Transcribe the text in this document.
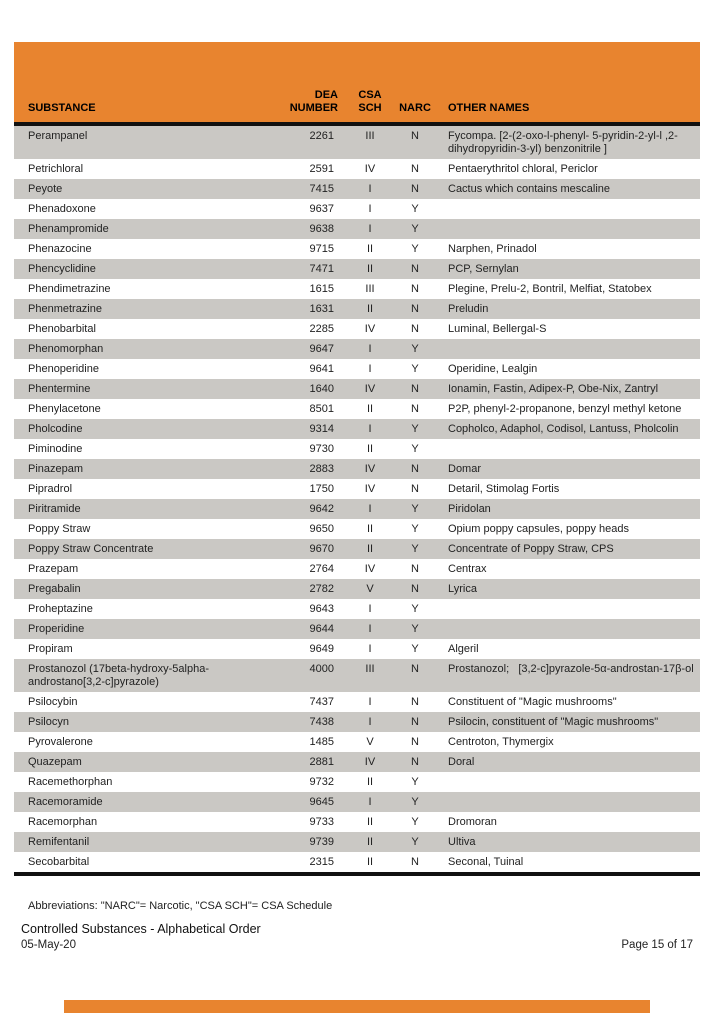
SUBSTANCE	DEA NUMBER	CSA SCH	NARC	OTHER NAMES
Perampanel	2261	III	N	Fycompa. [2-(2-oxo-l-phenyl- 5-pyridin-2-yl-l ,2-dihydropyridin-3-yl) benzonitrile ]
Petrichloral	2591	IV	N	Pentaerythritol chloral, Periclor
Peyote	7415	I	N	Cactus which contains mescaline
Phenadoxone	9637	I	Y	
Phenampromide	9638	I	Y	
Phenazocine	9715	II	Y	Narphen, Prinadol
Phencyclidine	7471	II	N	PCP, Sernylan
Phendimetrazine	1615	III	N	Plegine, Prelu-2, Bontril, Melfiat, Statobex
Phenmetrazine	1631	II	N	Preludin
Phenobarbital	2285	IV	N	Luminal, Bellergal-S
Phenomorphan	9647	I	Y	
Phenoperidine	9641	I	Y	Operidine, Lealgin
Phentermine	1640	IV	N	Ionamin, Fastin, Adipex-P, Obe-Nix, Zantryl
Phenylacetone	8501	II	N	P2P, phenyl-2-propanone, benzyl methyl ketone
Pholcodine	9314	I	Y	Copholco, Adaphol, Codisol, Lantuss, Pholcolin
Piminodine	9730	II	Y	
Pinazepam	2883	IV	N	Domar
Pipradrol	1750	IV	N	Detaril, Stimolag Fortis
Piritramide	9642	I	Y	Piridolan
Poppy Straw	9650	II	Y	Opium poppy capsules, poppy heads
Poppy Straw Concentrate	9670	II	Y	Concentrate of Poppy Straw, CPS
Prazepam	2764	IV	N	Centrax
Pregabalin	2782	V	N	Lyrica
Proheptazine	9643	I	Y	
Properidine	9644	I	Y	
Propiram	9649	I	Y	Algeril
Prostanozol (17beta-hydroxy-5alpha-androstano[3,2-c]pyrazole)	4000	III	N	Prostanozol;   [3,2-c]pyrazole-5α-androstan-17β-ol
Psilocybin	7437	I	N	Constituent of "Magic mushrooms"
Psilocyn	7438	I	N	Psilocin, constituent of "Magic mushrooms"
Pyrovalerone	1485	V	N	Centroton, Thymergix
Quazepam	2881	IV	N	Doral
Racemethorphan	9732	II	Y	
Racemoramide	9645	I	Y	
Racemorphan	9733	II	Y	Dromoran
Remifentanil	9739	II	Y	Ultiva
Secobarbital	2315	II	N	Seconal, Tuinal
Abbreviations: "NARC"= Narcotic, "CSA SCH"= CSA Schedule
Controlled Substances - Alphabetical Order
05-May-20	Page 15 of 17
